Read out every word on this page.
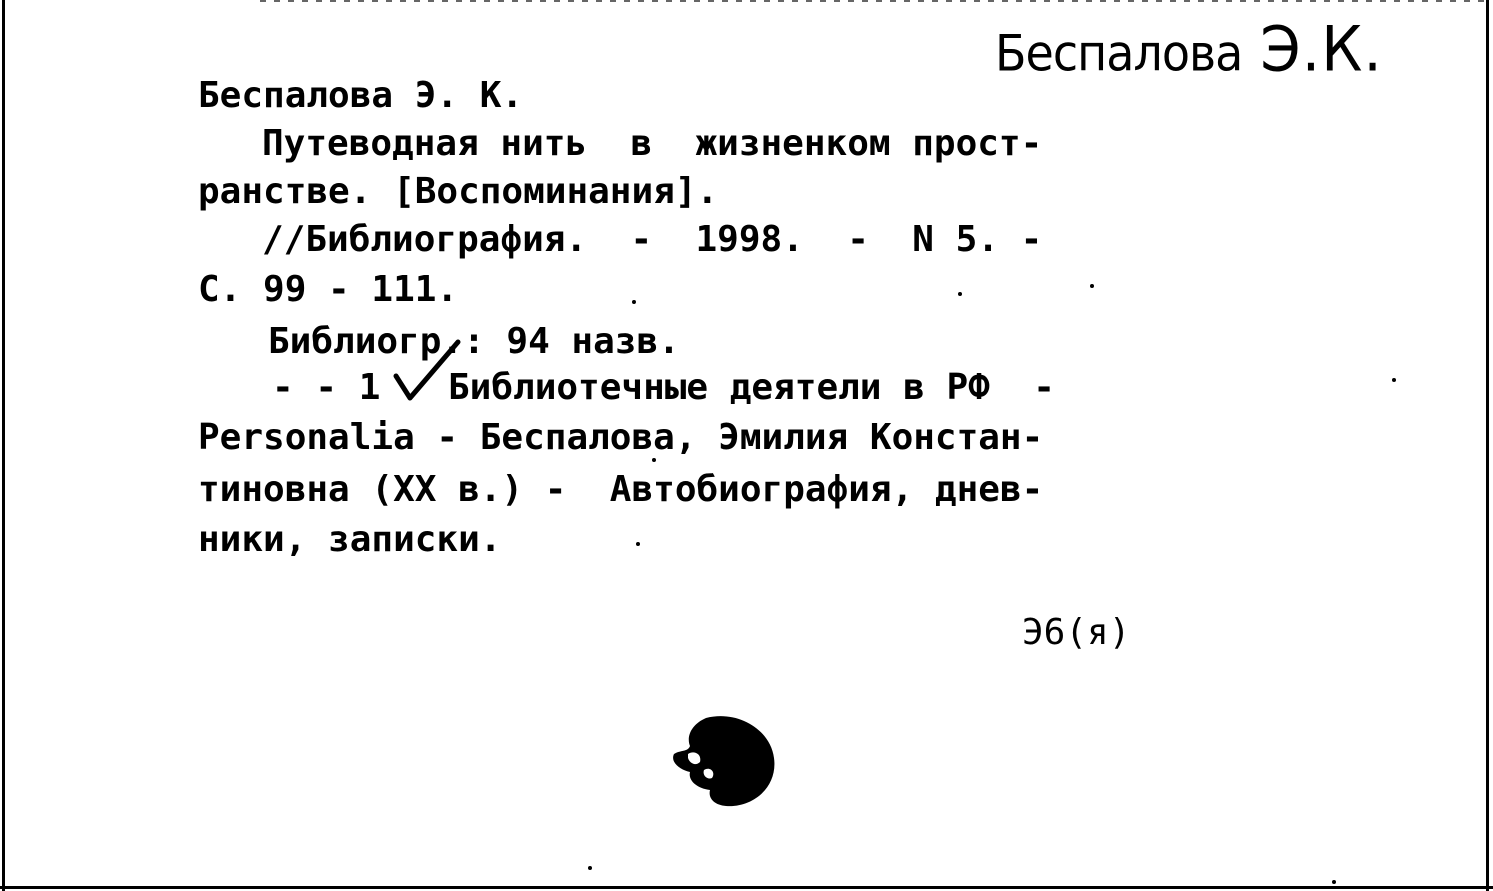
Беспалова Э.К.
Беспалова Э. К.
Путеводная нить  в  жизненком прост-
ранстве. [Воспоминания].
//Библиография.  -  1998.  -  N 5. -
С. 99 - 111.
Библиогр.: 94 назв.
- - 1 Библиотечные деятели в РФ  -
Personalia - Беспалова, Эмилия Констан-
тиновна (XX в.) -  Автобиография, днев-
ники, записки.
Э6(я)
